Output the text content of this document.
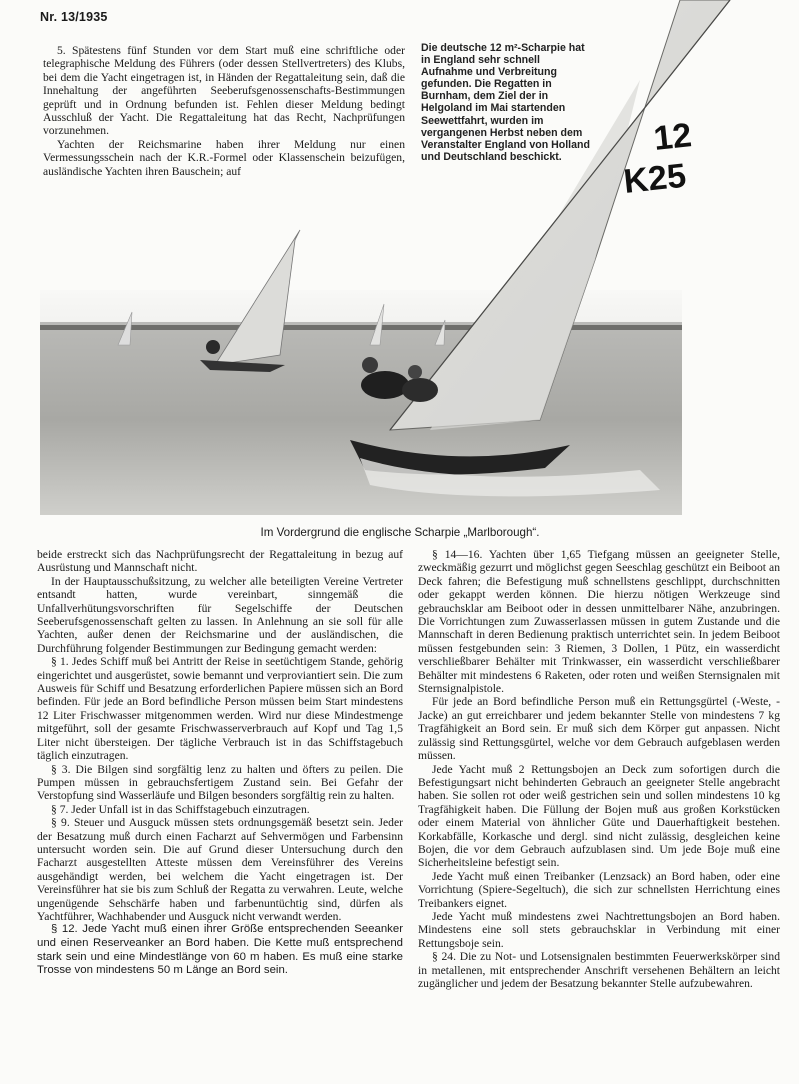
Nr. 13/1935
12
K25

5. Spätestens fünf Stunden vor dem Start muß eine schriftliche oder telegraphische Meldung des Führers (oder dessen Stellvertreters) des Klubs, bei dem die Yacht eingetragen ist, in Händen der Regattaleitung sein, daß die Innehaltung der angeführten Seeberufsgenossenschafts-Bestimmungen geprüft und in Ordnung befunden ist. Fehlen dieser Meldung bedingt Ausschluß der Yacht. Die Regattaleitung hat das Recht, Nachprüfungen vorzunehmen.

Yachten der Reichsmarine haben ihrer Meldung nur einen Vermessungsschein nach der K.R.-Formel oder Klassenschein beizufügen, ausländische Yachten ihren Bauschein; auf

Die deutsche 12 m²-Scharpie hat in England sehr schnell Aufnahme und Verbreitung gefunden. Die Regatten in Burnham, dem Ziel der in Helgoland im Mai startenden Seewettfahrt, wurden im vergangenen Herbst neben dem Veranstalter England von Holland und Deutschland beschickt.
Im Vordergrund die englische Scharpie „Marlborough“.

beide erstreckt sich das Nachprüfungsrecht der Regattaleitung in bezug auf Ausrüstung und Mannschaft nicht.

In der Hauptausschußsitzung, zu welcher alle beteiligten Vereine Vertreter entsandt hatten, wurde vereinbart, sinngemäß die Unfallverhütungsvorschriften für Segelschiffe der Deutschen Seeberufsgenossenschaft gelten zu lassen. In Anlehnung an sie soll für alle Yachten, außer denen der Reichsmarine und der ausländischen, die Durchführung folgender Bestimmungen zur Bedingung gemacht werden:

§ 1. Jedes Schiff muß bei Antritt der Reise in seetüchtigem Stande, gehörig eingerichtet und ausgerüstet, sowie bemannt und verproviantiert sein. Die zum Ausweis für Schiff und Besatzung erforderlichen Papiere müssen sich an Bord befinden. Für jede an Bord befindliche Person müssen beim Start mindestens 12 Liter Frischwasser mitgenommen werden. Wird nur diese Mindestmenge mitgeführt, soll der gesamte Frischwasserverbrauch auf Kopf und Tag 1,5 Liter nicht übersteigen. Der tägliche Verbrauch ist in das Schiffstagebuch täglich einzutragen.

§ 3. Die Bilgen sind sorgfältig lenz zu halten und öfters zu peilen. Die Pumpen müssen in gebrauchsfertigem Zustand sein. Bei Gefahr der Verstopfung sind Wasserläufe und Bilgen besonders sorgfältig rein zu halten.

§ 7. Jeder Unfall ist in das Schiffstagebuch einzutragen.

§ 9. Steuer und Ausguck müssen stets ordnungsgemäß besetzt sein. Jeder der Besatzung muß durch einen Facharzt auf Sehvermögen und Farbensinn untersucht worden sein. Die auf Grund dieser Untersuchung durch den Facharzt ausgestellten Atteste müssen dem Vereinsführer des Vereins ausgehändigt werden, bei welchem die Yacht eingetragen ist. Der Vereinsführer hat sie bis zum Schluß der Regatta zu verwahren. Leute, welche ungenügende Sehschärfe haben und farbenuntüchtig sind, dürfen als Yachtführer, Wachhabender und Ausguck nicht verwandt werden.

§ 12. Jede Yacht muß einen ihrer Größe entsprechenden Seeanker und einen Reserveanker an Bord haben. Die Kette muß entsprechend stark sein und eine Mindestlänge von 60 m haben. Es muß eine starke Trosse von mindestens 50 m Länge an Bord sein.

§ 14—16. Yachten über 1,65 Tiefgang müssen an geeigneter Stelle, zweckmäßig gezurrt und möglichst gegen Seeschlag geschützt ein Beiboot an Deck fahren; die Befestigung muß schnellstens geschlippt, durchschnitten oder gekappt werden können. Die hierzu nötigen Werkzeuge sind gebrauchsklar am Beiboot oder in dessen unmittelbarer Nähe, anzubringen. Die Vorrichtungen zum Zuwasserlassen müssen in gutem Zustande und die Mannschaft in deren Bedienung praktisch unterrichtet sein. In jedem Beiboot müssen festgebunden sein: 3 Riemen, 3 Dollen, 1 Pütz, ein wasserdicht verschließbarer Behälter mit Trinkwasser, ein wasserdicht verschließbarer Behälter mit mindestens 6 Raketen, oder roten und weißen Sternsignalen mit Sternsignalpistole.

Für jede an Bord befindliche Person muß ein Rettungsgürtel (-Weste, -Jacke) an gut erreichbarer und jedem bekannter Stelle von mindestens 7 kg Tragfähigkeit an Bord sein. Er muß sich dem Körper gut anpassen. Nicht zulässig sind Rettungsgürtel, welche vor dem Gebrauch aufgeblasen werden müssen.

Jede Yacht muß 2 Rettungsbojen an Deck zum sofortigen durch die Befestigungsart nicht behinderten Gebrauch an geeigneter Stelle angebracht haben. Sie sollen rot oder weiß gestrichen sein und sollen mindestens 10 kg Tragfähigkeit haben. Die Füllung der Bojen muß aus großen Korkstücken oder einem Material von ähnlicher Güte und Dauerhaftigkeit bestehen. Korkabfälle, Korkasche und dergl. sind nicht zulässig, desgleichen keine Bojen, die vor dem Gebrauch aufzublasen sind. Um jede Boje muß eine Sicherheitsleine befestigt sein.

Jede Yacht muß einen Treibanker (Lenzsack) an Bord haben, oder eine Vorrichtung (Spiere-Segeltuch), die sich zur schnellsten Herrichtung eines Treibankers eignet.

Jede Yacht muß mindestens zwei Nachtrettungsbojen an Bord haben. Mindestens eine soll stets gebrauchsklar in Verbindung mit einer Rettungsboje sein.

§ 24. Die zu Not- und Lotsensignalen bestimmten Feuerwerkskörper sind in metallenen, mit entsprechender Anschrift versehenen Behältern an leicht zugänglicher und jedem der Besatzung bekannter Stelle aufzubewahren.
